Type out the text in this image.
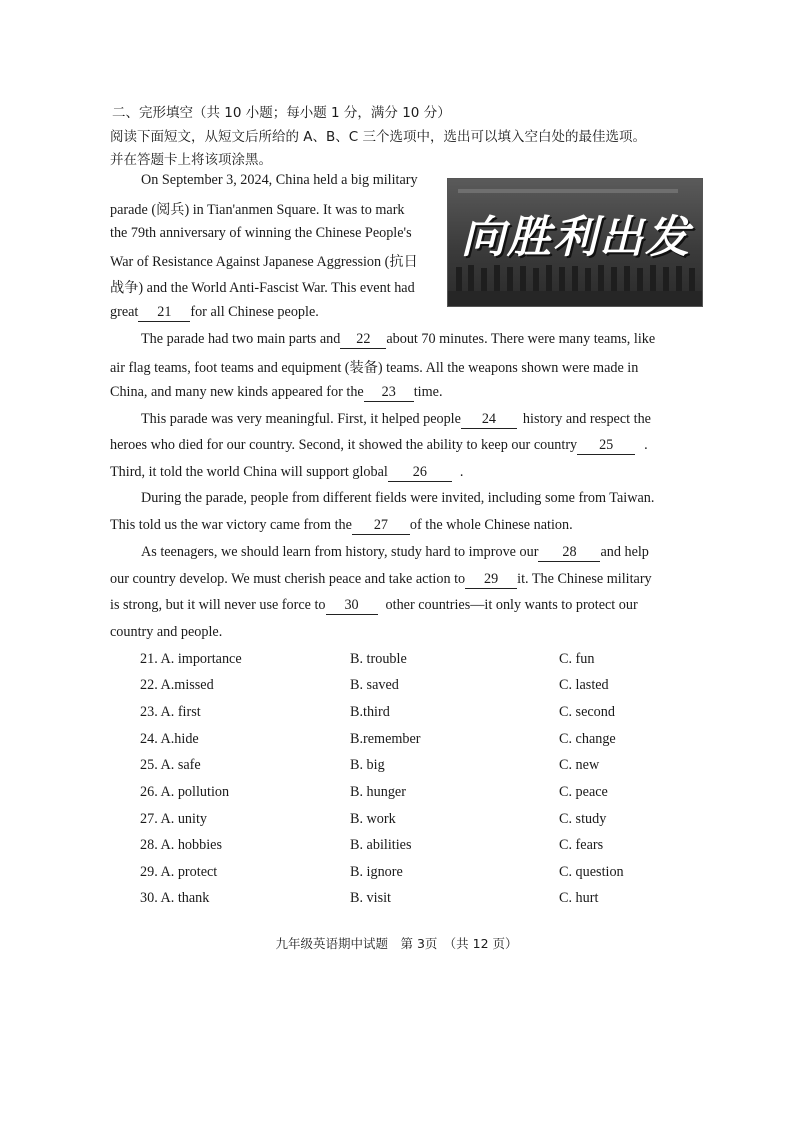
二、完形填空（共 10 小题；每小题 1 分，满分 10 分）
阅读下面短文，从短文后所给的 A、B、C 三个选项中，选出可以填入空白处的最佳选项。
并在答题卡上将该项涂黑。
向胜利出发
On September 3, 2024, China held a big military
parade (阅兵) in Tian'anmen Square. It was to mark
the 79th anniversary of winning the Chinese People's
War of Resistance Against Japanese Aggression (抗日
战争) and the World Anti-Fascist War. This event had
great 21 for all Chinese people.
The parade had two main parts and 22 about 70 minutes. There were many teams, like
air flag teams, foot teams and equipment (装备) teams. All the weapons shown were made in
China, and many new kinds appeared for the 23 time.
This parade was very meaningful. First, it helped people 24 history and respect the
heroes who died for our country. Second, it showed the ability to keep our country 25 .
Third, it told the world China will support global 26 .
During the parade, people from different fields were invited, including some from Taiwan.
This told us the war victory came from the 27 of the whole Chinese nation.
As teenagers, we should learn from history, study hard to improve our 28 and help
our country develop. We must cherish peace and take action to 29 it. The Chinese military
is strong, but it will never use force to 30 other countries—it only wants to protect our
country and people.
21. A. importance	B. trouble	C. fun
22. A.missed	B. saved	C. lasted
23. A. first	B.third	C. second
24. A.hide	B.remember	C. change
25. A. safe	B. big	C. new
26. A. pollution	B. hunger	C. peace
27. A. unity	B. work	C. study
28. A. hobbies	B. abilities	C. fears
29. A. protect	B. ignore	C. question
30. A. thank	B. visit	C. hurt
九年级英语期中试题　第 3页　（共 12 页）
